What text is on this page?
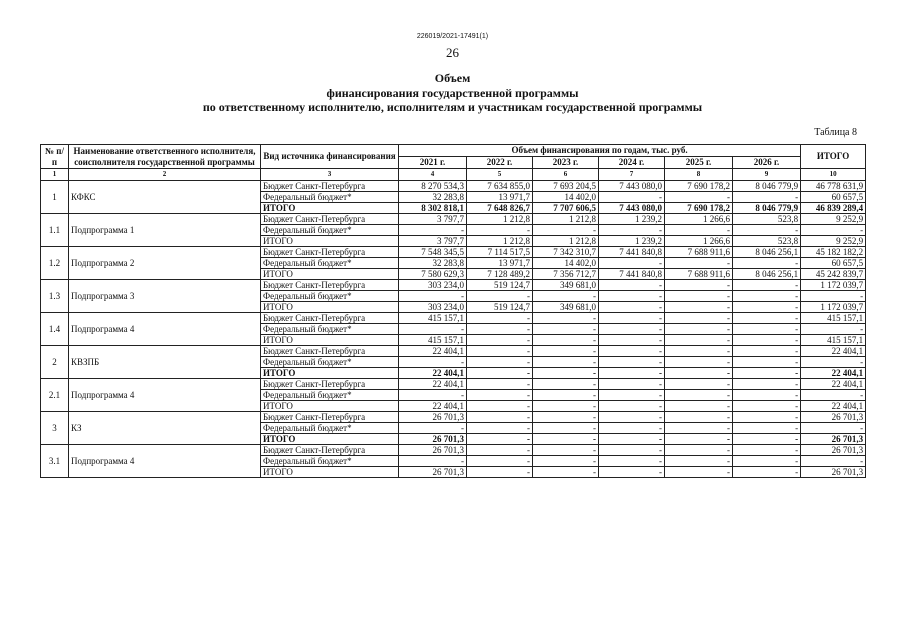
226019/2021-17491(1)
26
Объем
финансирования государственной программы
по ответственному исполнителю, исполнителям и участникам государственной программы
Таблица 8
№ п/п	Наименование ответственного исполнителя, соисполнителя государственной программы	Вид источника финансирования	Объем финансирования по годам, тыс. руб.						ИТОГО
			2021 г.	2022 г.	2023 г.	2024 г.	2025 г.	2026 г.	
1	2	3	4	5	6	7	8	9	10
1	КФКС	Бюджет Санкт-Петербурга	8 270 534,3	7 634 855,0	7 693 204,5	7 443 080,0	7 690 178,2	8 046 779,9	46 778 631,9
		Федеральный бюджет*	32 283,8	13 971,7	14 402,0	-	-	-	60 657,5
		ИТОГО	8 302 818,1	7 648 826,7	7 707 606,5	7 443 080,0	7 690 178,2	8 046 779,9	46 839 289,4
1.1	Подпрограмма 1	Бюджет Санкт-Петербурга	3 797,7	1 212,8	1 212,8	1 239,2	1 266,6	523,8	9 252,9
		Федеральный бюджет*	-	-	-	-	-	-	-
		ИТОГО	3 797,7	1 212,8	1 212,8	1 239,2	1 266,6	523,8	9 252,9
1.2	Подпрограмма 2	Бюджет Санкт-Петербурга	7 548 345,5	7 114 517,5	7 342 310,7	7 441 840,8	7 688 911,6	8 046 256,1	45 182 182,2
		Федеральный бюджет*	32 283,8	13 971,7	14 402,0	-	-	-	60 657,5
		ИТОГО	7 580 629,3	7 128 489,2	7 356 712,7	7 441 840,8	7 688 911,6	8 046 256,1	45 242 839,7
1.3	Подпрограмма 3	Бюджет Санкт-Петербурга	303 234,0	519 124,7	349 681,0	-	-	-	1 172 039,7
		Федеральный бюджет*	-	-	-	-	-	-	-
		ИТОГО	303 234,0	519 124,7	349 681,0	-	-	-	1 172 039,7
1.4	Подпрограмма 4	Бюджет Санкт-Петербурга	415 157,1	-	-	-	-	-	415 157,1
		Федеральный бюджет*	-	-	-	-	-	-	-
		ИТОГО	415 157,1	-	-	-	-	-	415 157,1
2	КВЗПБ	Бюджет Санкт-Петербурга	22 404,1	-	-	-	-	-	22 404,1
		Федеральный бюджет*	-	-	-	-	-	-	-
		ИТОГО	22 404,1	-	-	-	-	-	22 404,1
2.1	Подпрограмма 4	Бюджет Санкт-Петербурга	22 404,1	-	-	-	-	-	22 404,1
		Федеральный бюджет*	-	-	-	-	-	-	-
		ИТОГО	22 404,1	-	-	-	-	-	22 404,1
3	КЗ	Бюджет Санкт-Петербурга	26 701,3	-	-	-	-	-	26 701,3
		Федеральный бюджет*	-	-	-	-	-	-	-
		ИТОГО	26 701,3	-	-	-	-	-	26 701,3
3.1	Подпрограмма 4	Бюджет Санкт-Петербурга	26 701,3	-	-	-	-	-	26 701,3
		Федеральный бюджет*	-	-	-	-	-	-	-
		ИТОГО	26 701,3	-	-	-	-	-	26 701,3
